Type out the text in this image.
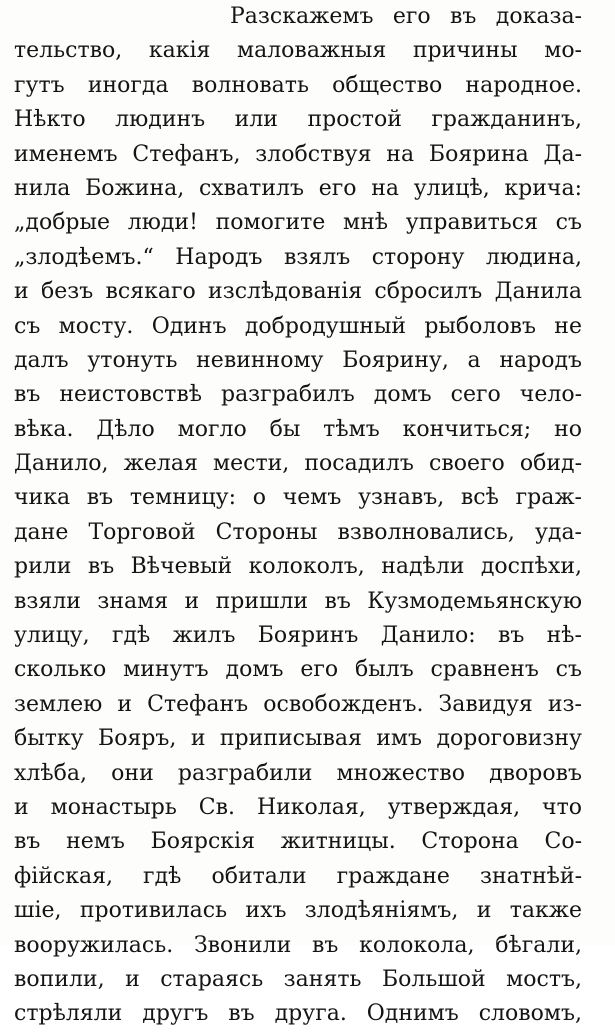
Разскажемъ его въ доказа-
тельство, какія маловажныя причины мо-
гутъ иногда волновать общество народное.
Нѣкто людинъ или простой гражданинъ,
именемъ Стефанъ, злобствуя на Боярина Да-
нила Божина, схватилъ его на улицѣ, крича:
„добрые люди! помогите мнѣ управиться съ
„злодѣемъ.“ Народъ взялъ сторону людина,
и безъ всякаго изслѣдованія сбросилъ Данила
съ мосту. Одинъ добродушный рыболовъ не
далъ утонуть невинному Боярину, а народъ
въ неистовствѣ разграбилъ домъ сего чело-
вѣка. Дѣло могло бы тѣмъ кончиться; но
Данило, желая мести, посадилъ своего обид-
чика въ темницу: о чемъ узнавъ, всѣ граж-
дане Торговой Стороны взволновались, уда-
рили въ Вѣчевый колоколъ, надѣли доспѣхи,
взяли знамя и пришли въ Кузмодемьянскую
улицу, гдѣ жилъ Бояринъ Данило: въ нѣ-
сколько минутъ домъ его былъ сравненъ съ
землею и Стефанъ освобожденъ. Завидуя из-
бытку Бояръ, и приписывая имъ дороговизну
хлѣба, они разграбили множество дворовъ
и монастырь Св. Николая, утверждая, что
въ немъ Боярскія житницы. Сторона Со-
фійская, гдѣ обитали граждане знатнѣй-
шіе, противилась ихъ злодѣяніямъ, и также
вооружилась. Звонили въ колокола, бѣгали,
вопили, и стараясь занять Большой мостъ,
стрѣляли другъ въ друга. Однимъ словомъ,
